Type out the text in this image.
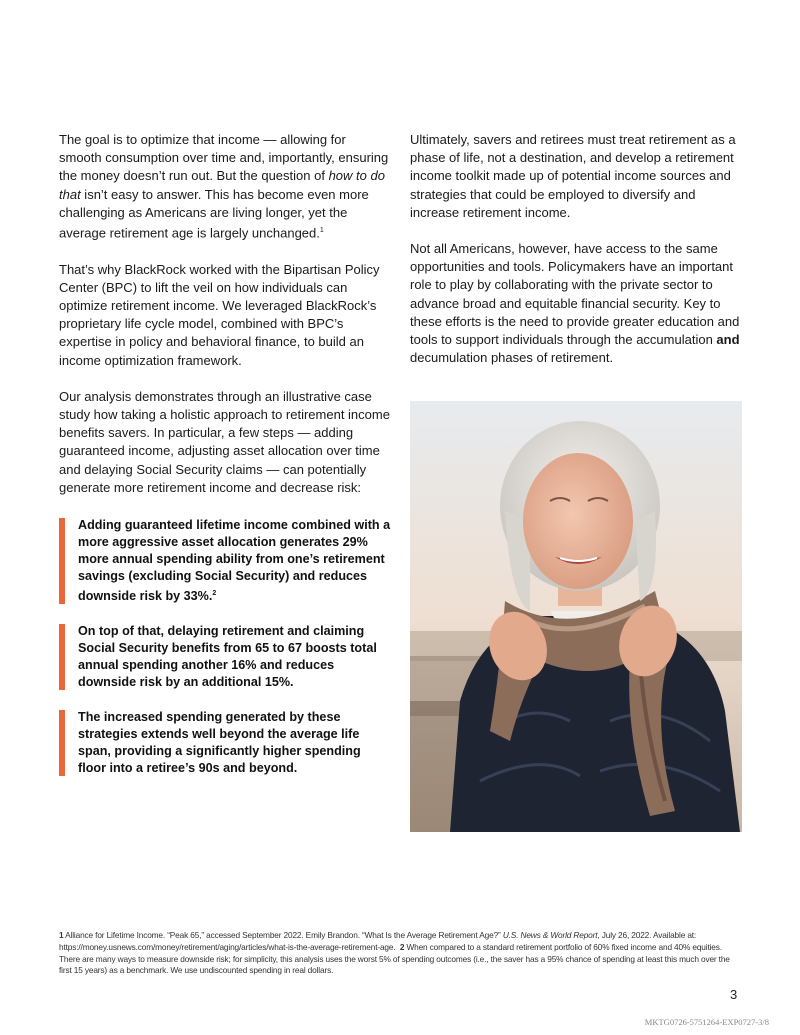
The goal is to optimize that income — allowing for smooth consumption over time and, importantly, ensuring the money doesn’t run out. But the question of how to do that isn’t easy to answer. This has become even more challenging as Americans are living longer, yet the average retirement age is largely unchanged.$^1$

That’s why BlackRock worked with the Bipartisan Policy Center (BPC) to lift the veil on how individuals can optimize retirement income. We leveraged BlackRock’s proprietary life cycle model, combined with BPC’s expertise in policy and behavioral finance, to build an income optimization framework.

Our analysis demonstrates through an illustrative case study how taking a holistic approach to retirement income benefits savers. In particular, a few steps — adding guaranteed income, adjusting asset allocation over time and delaying Social Security claims — can potentially generate more retirement income and decrease risk:

Adding guaranteed lifetime income combined with a more aggressive asset allocation generates 29% more annual spending ability from one’s retirement savings (excluding Social Security) and reduces downside risk by 33%.$^2$
On top of that, delaying retirement and claiming Social Security benefits from 65 to 67 boosts total annual spending another 16% and reduces downside risk by an additional 15%.
The increased spending generated by these strategies extends well beyond the average life span, providing a significantly higher spending floor into a retiree’s 90s and beyond.

Ultimately, savers and retirees must treat retirement as a phase of life, not a destination, and develop a retirement income toolkit made up of potential income sources and strategies that could be employed to diversify and increase retirement income.

Not all Americans, however, have access to the same opportunities and tools. Policymakers have an important role to play by collaborating with the private sector to advance broad and equitable financial security. Key to these efforts is the need to provide greater education and tools to support individuals through the accumulation and decumulation phases of retirement.

1 Alliance for Lifetime Income. “Peak 65,” accessed September 2022. Emily Brandon. “What Is the Average Retirement Age?” U.S. News & World Report, July 26, 2022. Available at: https://money.usnews.com/money/retirement/aging/articles/what-is-the-average-retirement-age. 2 When compared to a standard retirement portfolio of 60% fixed income and 40% equities. There are many ways to measure downside risk; for simplicity, this analysis uses the worst 5% of spending outcomes (i.e., the saver has a 95% chance of spending at least this much over the first 15 years) as a benchmark. We use undiscounted spending in real dollars.
3
MKTG0726-5751264-EXP0727-3/8
